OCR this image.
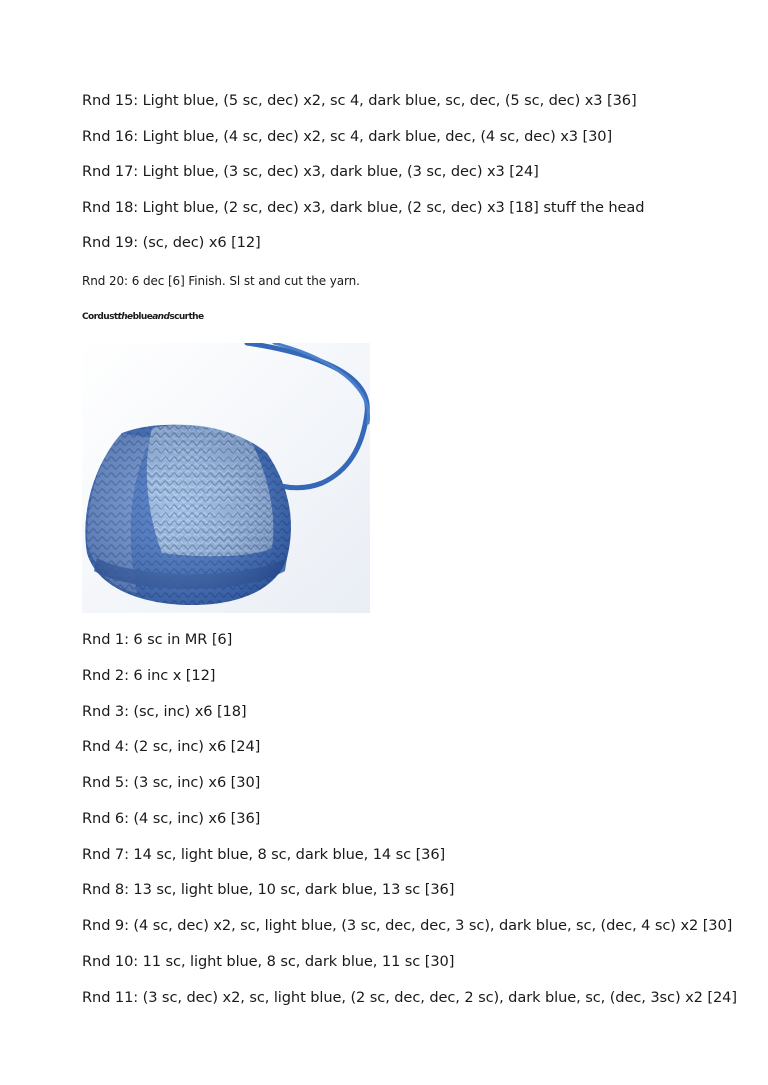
Rnd 15: Light blue, (5 sc, dec) x2, sc 4, dark blue, sc, dec, (5 sc, dec) x3 [36]
Rnd 16: Light blue, (4 sc, dec) x2, sc 4, dark blue, dec, (4 sc, dec) x3 [30]
Rnd 17: Light blue, (3 sc, dec) x3, dark blue, (3 sc, dec) x3 [24]
Rnd 18: Light blue, (2 sc, dec) x3, dark blue, (2 sc, dec) x3 [18] stuff the head
Rnd 19: (sc, dec) x6 [12]
Rnd 20: 6 dec [6] Finish. Sl st and cut the yarn.
Cordusttheblueandscurthe
Rnd 1: 6 sc in MR [6]
Rnd 2: 6 inc x [12]
Rnd 3: (sc, inc) x6 [18]
Rnd 4: (2 sc, inc) x6 [24]
Rnd 5: (3 sc, inc) x6 [30]
Rnd 6: (4 sc, inc) x6 [36]
Rnd 7: 14 sc, light blue, 8 sc, dark blue, 14 sc [36]
Rnd 8: 13 sc, light blue, 10 sc, dark blue, 13 sc [36]
Rnd 9: (4 sc, dec) x2, sc, light blue, (3 sc, dec, dec, 3 sc), dark blue, sc, (dec, 4 sc) x2 [30]
Rnd 10: 11 sc, light blue, 8 sc, dark blue, 11 sc [30]
Rnd 11: (3 sc, dec) x2, sc, light blue, (2 sc, dec, dec, 2 sc), dark blue, sc, (dec, 3sc) x2 [24]
